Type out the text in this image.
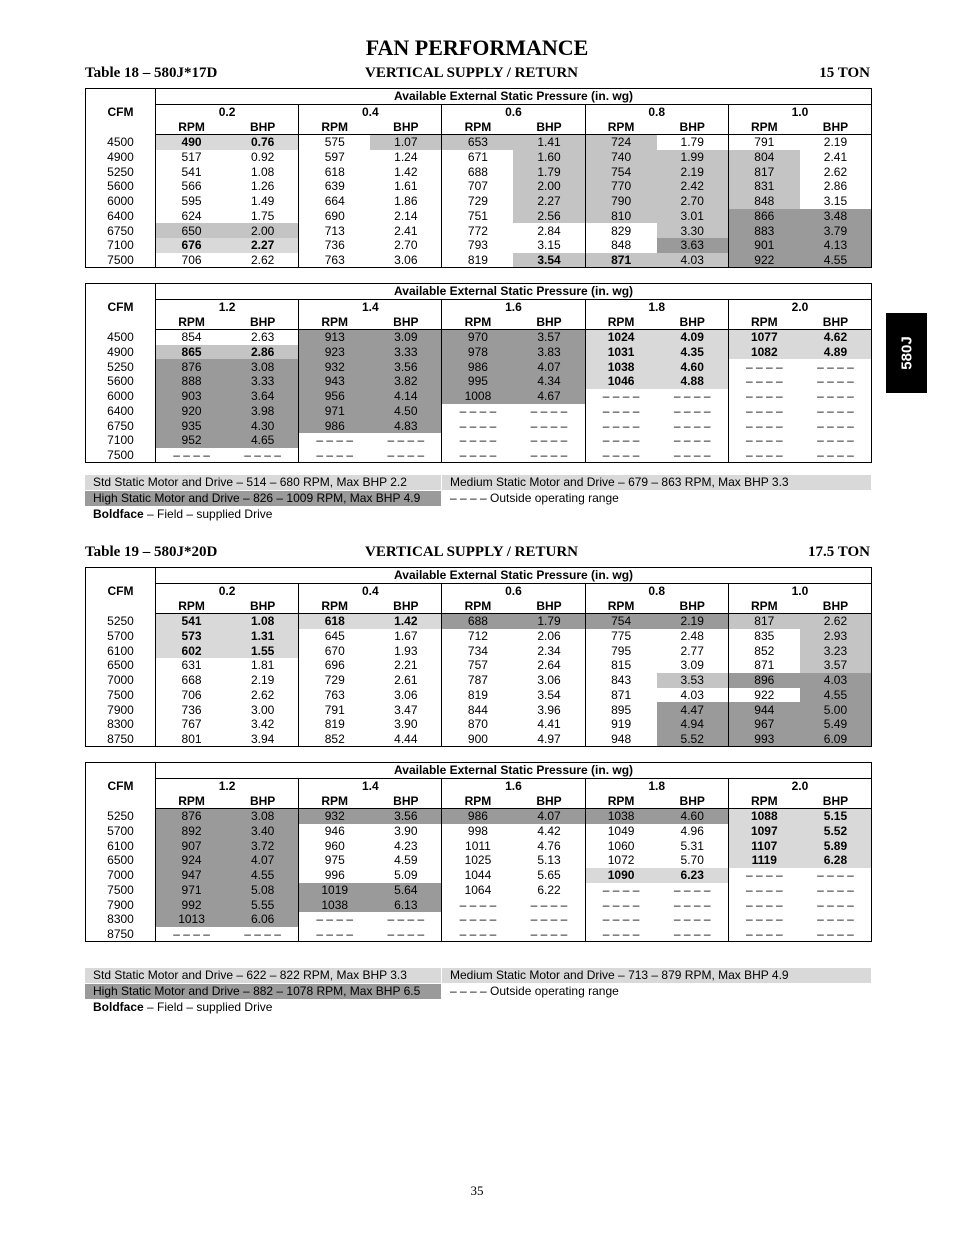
FAN PERFORMANCE
580J
Table 18 – 580J*17D	VERTICAL SUPPLY / RETURN	15 TON
CFM	Available External Static Pressure (in. wg)									
	0.2		0.4		0.6		0.8		1.0	
	RPM	BHP	RPM	BHP	RPM	BHP	RPM	BHP	RPM	BHP
4500	490	0.76	575	1.07	653	1.41	724	1.79	791	2.19
4900	517	0.92	597	1.24	671	1.60	740	1.99	804	2.41
5250	541	1.08	618	1.42	688	1.79	754	2.19	817	2.62
5600	566	1.26	639	1.61	707	2.00	770	2.42	831	2.86
6000	595	1.49	664	1.86	729	2.27	790	2.70	848	3.15
6400	624	1.75	690	2.14	751	2.56	810	3.01	866	3.48
6750	650	2.00	713	2.41	772	2.84	829	3.30	883	3.79
7100	676	2.27	736	2.70	793	3.15	848	3.63	901	4.13
7500	706	2.62	763	3.06	819	3.54	871	4.03	922	4.55
CFM	Available External Static Pressure (in. wg)									
	1.2		1.4		1.6		1.8		2.0	
	RPM	BHP	RPM	BHP	RPM	BHP	RPM	BHP	RPM	BHP
4500	854	2.63	913	3.09	970	3.57	1024	4.09	1077	4.62
4900	865	2.86	923	3.33	978	3.83	1031	4.35	1082	4.89
5250	876	3.08	932	3.56	986	4.07	1038	4.60	– – – –	– – – –
5600	888	3.33	943	3.82	995	4.34	1046	4.88	– – – –	– – – –
6000	903	3.64	956	4.14	1008	4.67	– – – –	– – – –	– – – –	– – – –
6400	920	3.98	971	4.50	– – – –	– – – –	– – – –	– – – –	– – – –	– – – –
6750	935	4.30	986	4.83	– – – –	– – – –	– – – –	– – – –	– – – –	– – – –
7100	952	4.65	– – – –	– – – –	– – – –	– – – –	– – – –	– – – –	– – – –	– – – –
7500	– – – –	– – – –	– – – –	– – – –	– – – –	– – – –	– – – –	– – – –	– – – –	– – – –
Std Static Motor and Drive – 514 – 680 RPM, Max BHP 2.2	Medium Static Motor and Drive – 679 – 863 RPM, Max BHP 3.3
High Static Motor and Drive – 826 – 1009 RPM, Max BHP 4.9	– – – – Outside operating range
Boldface – Field – supplied Drive
Table 19 – 580J*20D	VERTICAL SUPPLY / RETURN	17.5 TON
CFM	Available External Static Pressure (in. wg)									
	0.2		0.4		0.6		0.8		1.0	
	RPM	BHP	RPM	BHP	RPM	BHP	RPM	BHP	RPM	BHP
5250	541	1.08	618	1.42	688	1.79	754	2.19	817	2.62
5700	573	1.31	645	1.67	712	2.06	775	2.48	835	2.93
6100	602	1.55	670	1.93	734	2.34	795	2.77	852	3.23
6500	631	1.81	696	2.21	757	2.64	815	3.09	871	3.57
7000	668	2.19	729	2.61	787	3.06	843	3.53	896	4.03
7500	706	2.62	763	3.06	819	3.54	871	4.03	922	4.55
7900	736	3.00	791	3.47	844	3.96	895	4.47	944	5.00
8300	767	3.42	819	3.90	870	4.41	919	4.94	967	5.49
8750	801	3.94	852	4.44	900	4.97	948	5.52	993	6.09
CFM	Available External Static Pressure (in. wg)									
	1.2		1.4		1.6		1.8		2.0	
	RPM	BHP	RPM	BHP	RPM	BHP	RPM	BHP	RPM	BHP
5250	876	3.08	932	3.56	986	4.07	1038	4.60	1088	5.15
5700	892	3.40	946	3.90	998	4.42	1049	4.96	1097	5.52
6100	907	3.72	960	4.23	1011	4.76	1060	5.31	1107	5.89
6500	924	4.07	975	4.59	1025	5.13	1072	5.70	1119	6.28
7000	947	4.55	996	5.09	1044	5.65	1090	6.23	– – – –	– – – –
7500	971	5.08	1019	5.64	1064	6.22	– – – –	– – – –	– – – –	– – – –
7900	992	5.55	1038	6.13	– – – –	– – – –	– – – –	– – – –	– – – –	– – – –
8300	1013	6.06	– – – –	– – – –	– – – –	– – – –	– – – –	– – – –	– – – –	– – – –
8750	– – – –	– – – –	– – – –	– – – –	– – – –	– – – –	– – – –	– – – –	– – – –	– – – –
Std Static Motor and Drive – 622 – 822 RPM, Max BHP 3.3	Medium Static Motor and Drive – 713 – 879 RPM, Max BHP 4.9
High Static Motor and Drive – 882 – 1078 RPM, Max BHP 6.5	– – – – Outside operating range
Boldface – Field – supplied Drive
35
